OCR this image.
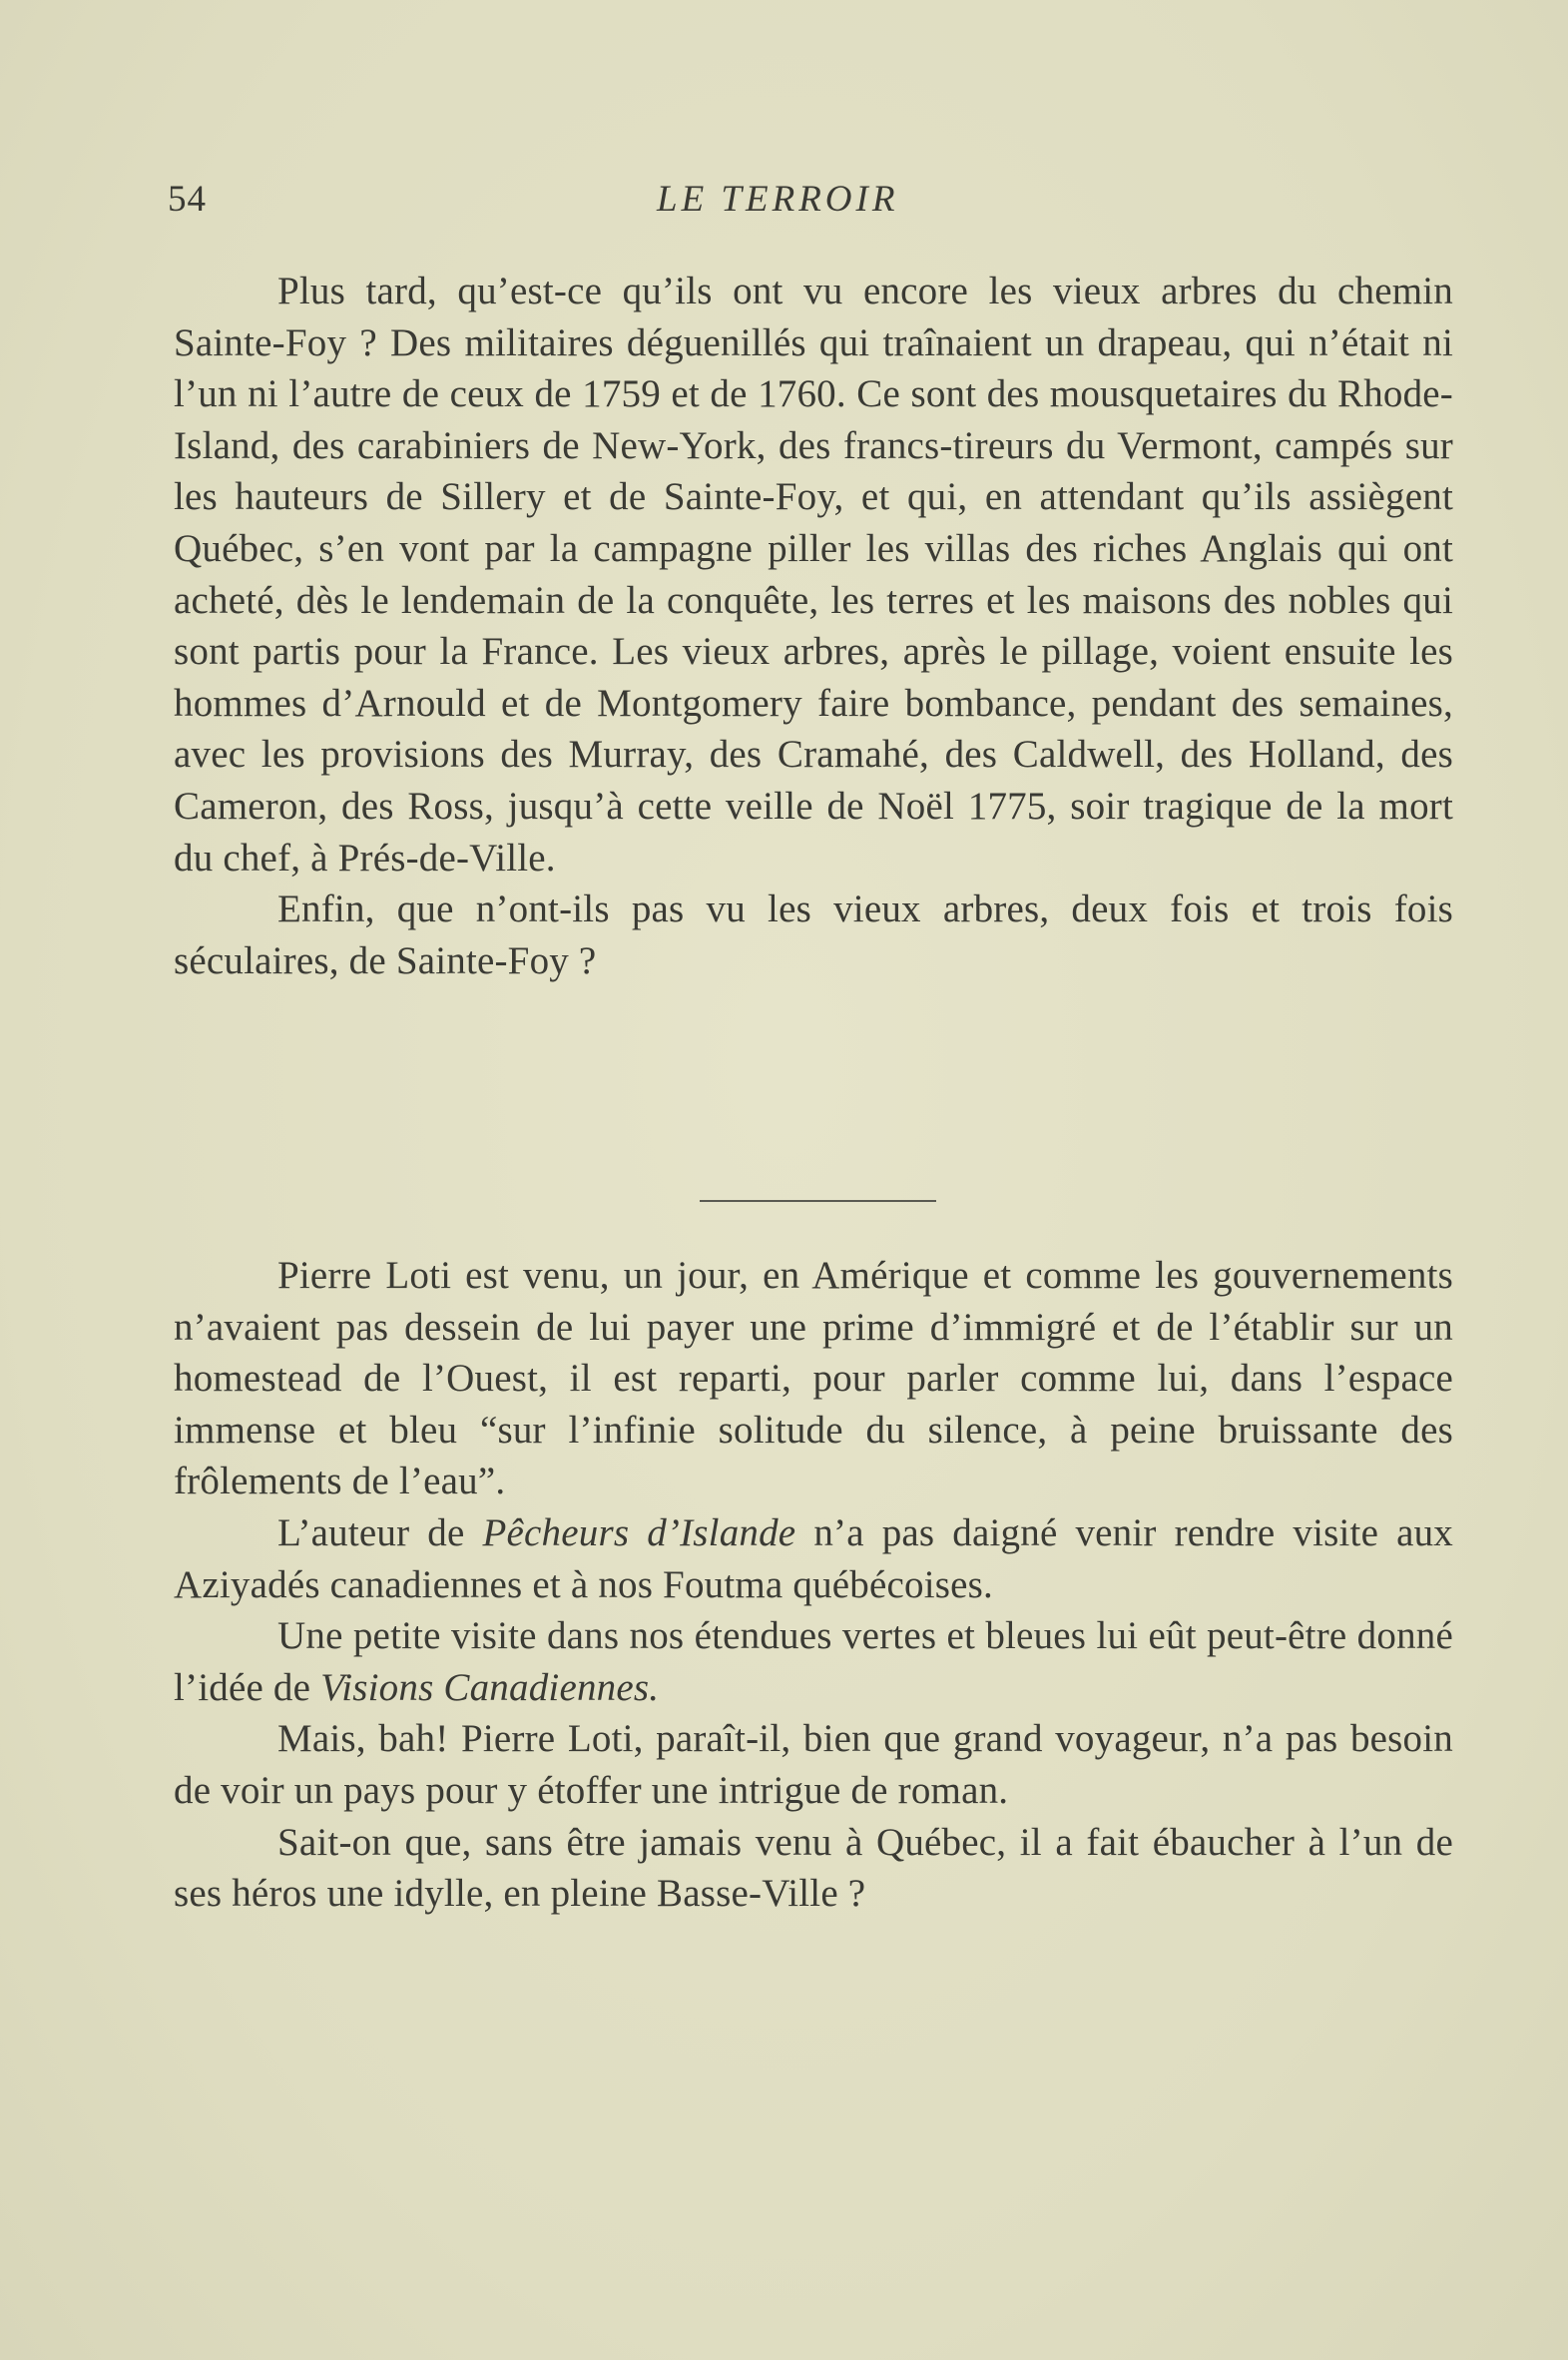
54	LE TERROIR

Plus tard, qu’est-ce qu’ils ont vu encore les vieux arbres du chemin Sainte-Foy ? Des militaires déguenillés qui traînaient un drapeau, qui n’était ni l’un ni l’autre de ceux de 1759 et de 1760. Ce sont des mousquetaires du Rhode-Island, des carabiniers de New-York, des francs-tireurs du Vermont, campés sur les hauteurs de Sillery et de Sainte-Foy, et qui, en attendant qu’ils assiègent Québec, s’en vont par la campagne piller les villas des riches Anglais qui ont acheté, dès le lendemain de la conquête, les terres et les maisons des nobles qui sont partis pour la France. Les vieux arbres, après le pillage, voient ensuite les hommes d’Arnould et de Montgomery faire bombance, pendant des semaines, avec les provisions des Murray, des Cramahé, des Caldwell, des Holland, des Cameron, des Ross, jusqu’à cette veille de Noël 1775, soir tragique de la mort du chef, à Prés-de-Ville.

Enfin, que n’ont-ils pas vu les vieux arbres, deux fois et trois fois séculaires, de Sainte-Foy ?

Pierre Loti est venu, un jour, en Amérique et comme les gouvernements n’avaient pas dessein de lui payer une prime d’immigré et de l’établir sur un homestead de l’Ouest, il est reparti, pour parler comme lui, dans l’espace immense et bleu “sur l’infinie solitude du silence, à peine bruissante des frôlements de l’eau”.

L’auteur de Pêcheurs d’Islande n’a pas daigné venir rendre visite aux Aziyadés canadiennes et à nos Foutma québécoises.

Une petite visite dans nos étendues vertes et bleues lui eût peut-être donné l’idée de Visions Canadiennes.

Mais, bah! Pierre Loti, paraît-il, bien que grand voyageur, n’a pas besoin de voir un pays pour y étoffer une intrigue de roman.

Sait-on que, sans être jamais venu à Québec, il a fait ébaucher à l’un de ses héros une idylle, en pleine Basse-Ville ?
